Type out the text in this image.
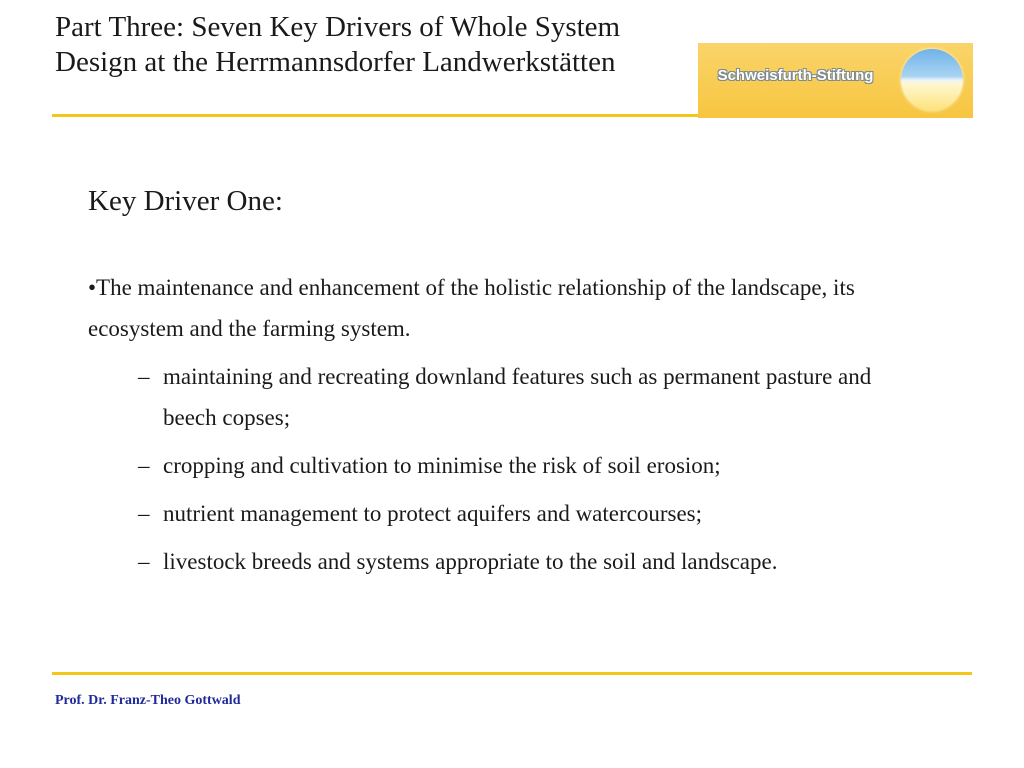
Part Three: Seven Key Drivers of Whole System Design at the Herrmannsdorfer Landwerkstätten	Schweisfurth-Stiftung
Key Driver One:

•The maintenance and enhancement of the holistic relationship of the landscape, its ecosystem and the farming system.

– maintaining and recreating downland features such as permanent pasture and beech copses;
– cropping and cultivation to minimise the risk of soil erosion;
– nutrient management to protect aquifers and watercourses;
– livestock breeds and systems appropriate to the soil and landscape.
Prof. Dr. Franz-Theo Gottwald
